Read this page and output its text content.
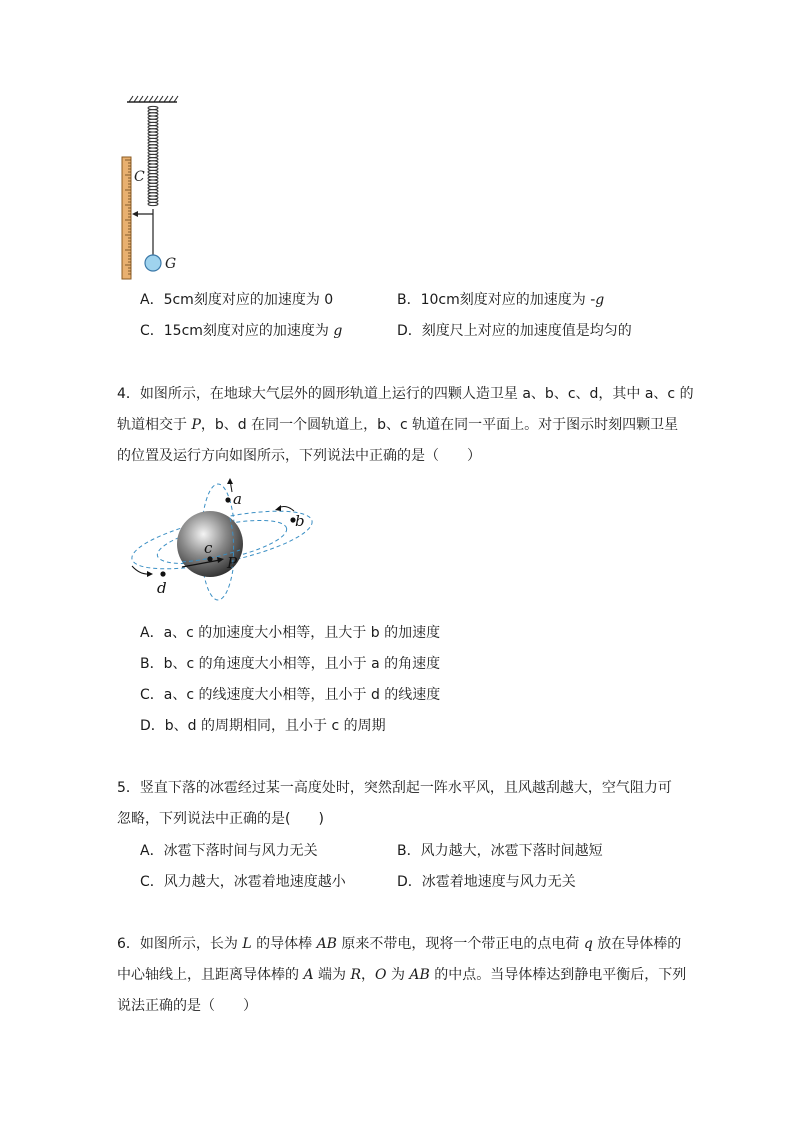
C
G
A．5cm刻度对应的加速度为 0	B．10cm刻度对应的加速度为 -g
C．15cm刻度对应的加速度为 g	D．刻度尺上对应的加速度值是均匀的
4．如图所示，在地球大气层外的圆形轨道上运行的四颗人造卫星 a、b、c、d，其中 a、c 的
轨道相交于 P，b、d 在同一个圆轨道上，b、c 轨道在同一平面上。对于图示时刻四颗卫星
的位置及运行方向如图所示，下列说法中正确的是（　　）
a
b
c
d
P
A．a、c 的加速度大小相等，且大于 b 的加速度
B．b、c 的角速度大小相等，且小于 a 的角速度
C．a、c 的线速度大小相等，且小于 d 的线速度
D．b、d 的周期相同，且小于 c 的周期
5．竖直下落的冰雹经过某一高度处时，突然刮起一阵水平风，且风越刮越大，空气阻力可
忽略，下列说法中正确的是(　　)
A．冰雹下落时间与风力无关	B．风力越大，冰雹下落时间越短
C．风力越大，冰雹着地速度越小	D．冰雹着地速度与风力无关
6．如图所示，长为 L 的导体棒 AB 原来不带电，现将一个带正电的点电荷 q 放在导体棒的
中心轴线上，且距离导体棒的 A 端为 R，O 为 AB 的中点。当导体棒达到静电平衡后，下列
说法正确的是（　　）
